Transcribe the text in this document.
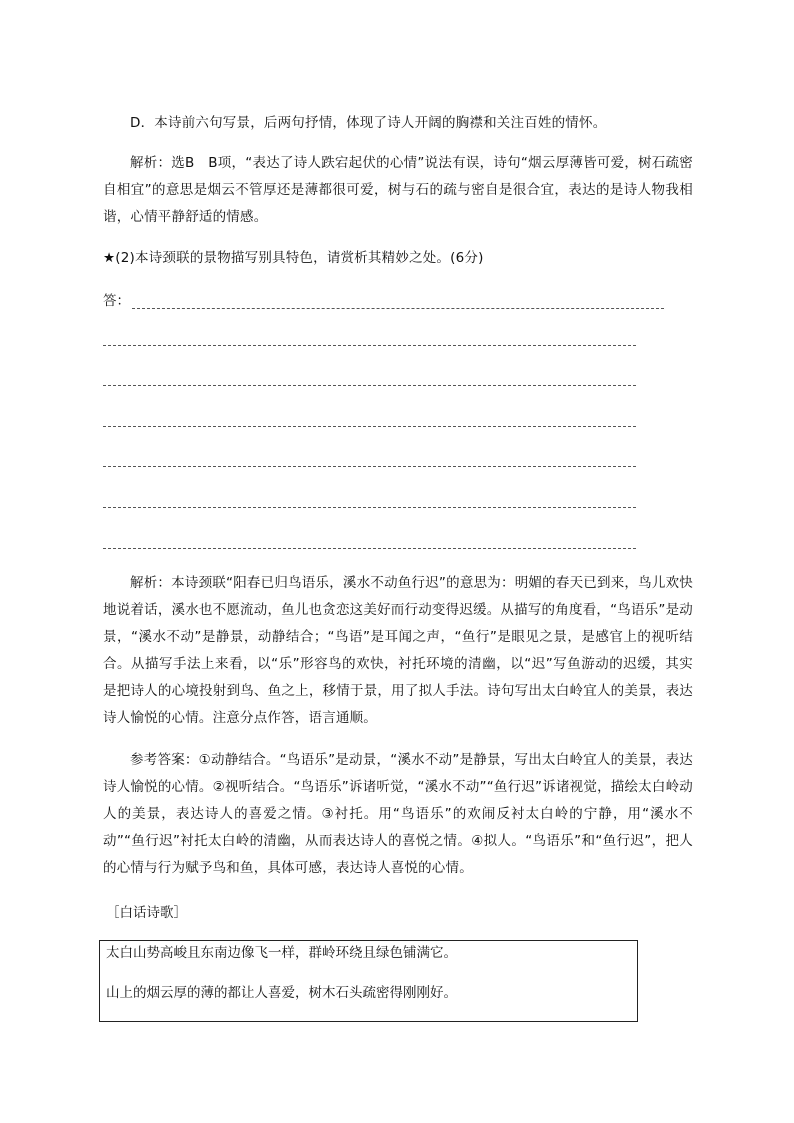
D．本诗前六句写景，后两句抒情，体现了诗人开阔的胸襟和关注百姓的情怀。

解析：选B　B项，“表达了诗人跌宕起伏的心情”说法有误，诗句“烟云厚薄皆可爱，树石疏密自相宜”的意思是烟云不管厚还是薄都很可爱，树与石的疏与密自是很合宜，表达的是诗人物我相谐，心情平静舒适的情感。

★(2)本诗颈联的景物描写别具特色，请赏析其精妙之处。(6分)

答：

解析：本诗颈联“阳春已归鸟语乐，溪水不动鱼行迟”的意思为：明媚的春天已到来，鸟儿欢快地说着话，溪水也不愿流动，鱼儿也贪恋这美好而行动变得迟缓。从描写的角度看，“鸟语乐”是动景，“溪水不动”是静景，动静结合；“鸟语”是耳闻之声，“鱼行”是眼见之景，是感官上的视听结合。从描写手法上来看，以“乐”形容鸟的欢快，衬托环境的清幽，以“迟”写鱼游动的迟缓，其实是把诗人的心境投射到鸟、鱼之上，移情于景，用了拟人手法。诗句写出太白岭宜人的美景，表达诗人愉悦的心情。注意分点作答，语言通顺。

参考答案：①动静结合。“鸟语乐”是动景，“溪水不动”是静景，写出太白岭宜人的美景，表达诗人愉悦的心情。②视听结合。“鸟语乐”诉诸听觉，“溪水不动”“鱼行迟”诉诸视觉，描绘太白岭动人的美景，表达诗人的喜爱之情。③衬托。用“鸟语乐”的欢闹反衬太白岭的宁静，用“溪水不动”“鱼行迟”衬托太白岭的清幽，从而表达诗人的喜悦之情。④拟人。“鸟语乐”和“鱼行迟”，把人的心情与行为赋予鸟和鱼，具体可感，表达诗人喜悦的心情。

［白话诗歌］

太白山势高峻且东南边像飞一样，群岭环绕且绿色铺满它。

山上的烟云厚的薄的都让人喜爱，树木石头疏密得刚刚好。
